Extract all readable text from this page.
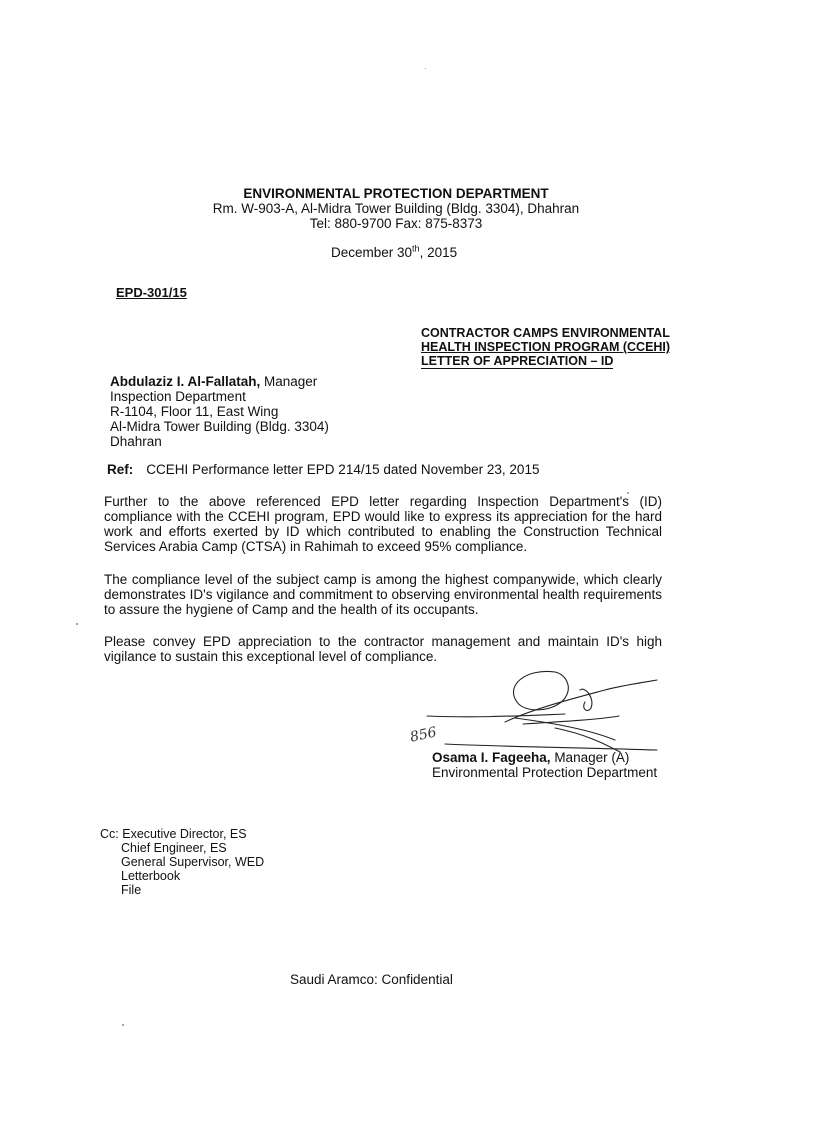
ENVIRONMENTAL PROTECTION DEPARTMENT
Rm. W-903-A, Al-Midra Tower Building (Bldg. 3304), Dhahran
Tel: 880-9700 Fax: 875-8373
December 30th, 2015
EPD-301/15
CONTRACTOR CAMPS ENVIRONMENTAL
HEALTH INSPECTION PROGRAM (CCEHI)
LETTER OF APPRECIATION – ID
Abdulaziz I. Al-Fallatah, Manager
Inspection Department
R-1104, Floor 11, East Wing
Al-Midra Tower Building (Bldg. 3304)
Dhahran
Ref: CCEHI Performance letter EPD 214/15 dated November 23, 2015
Further to the above referenced EPD letter regarding Inspection Department's (ID) compliance with the CCEHI program, EPD would like to express its appreciation for the hard work and efforts exerted by ID which contributed to enabling the Construction Technical Services Arabia Camp (CTSA) in Rahimah to exceed 95% compliance.
The compliance level of the subject camp is among the highest companywide, which clearly demonstrates ID's vigilance and commitment to observing environmental health requirements to assure the hygiene of Camp and the health of its occupants.
Please convey EPD appreciation to the contractor management and maintain ID's high vigilance to sustain this exceptional level of compliance.
856
Osama I. Fageeha, Manager (A)
Environmental Protection Department
Cc: Executive Director, ES
Chief Engineer, ES
General Supervisor, WED
Letterbook
File
Saudi Aramco: Confidential
